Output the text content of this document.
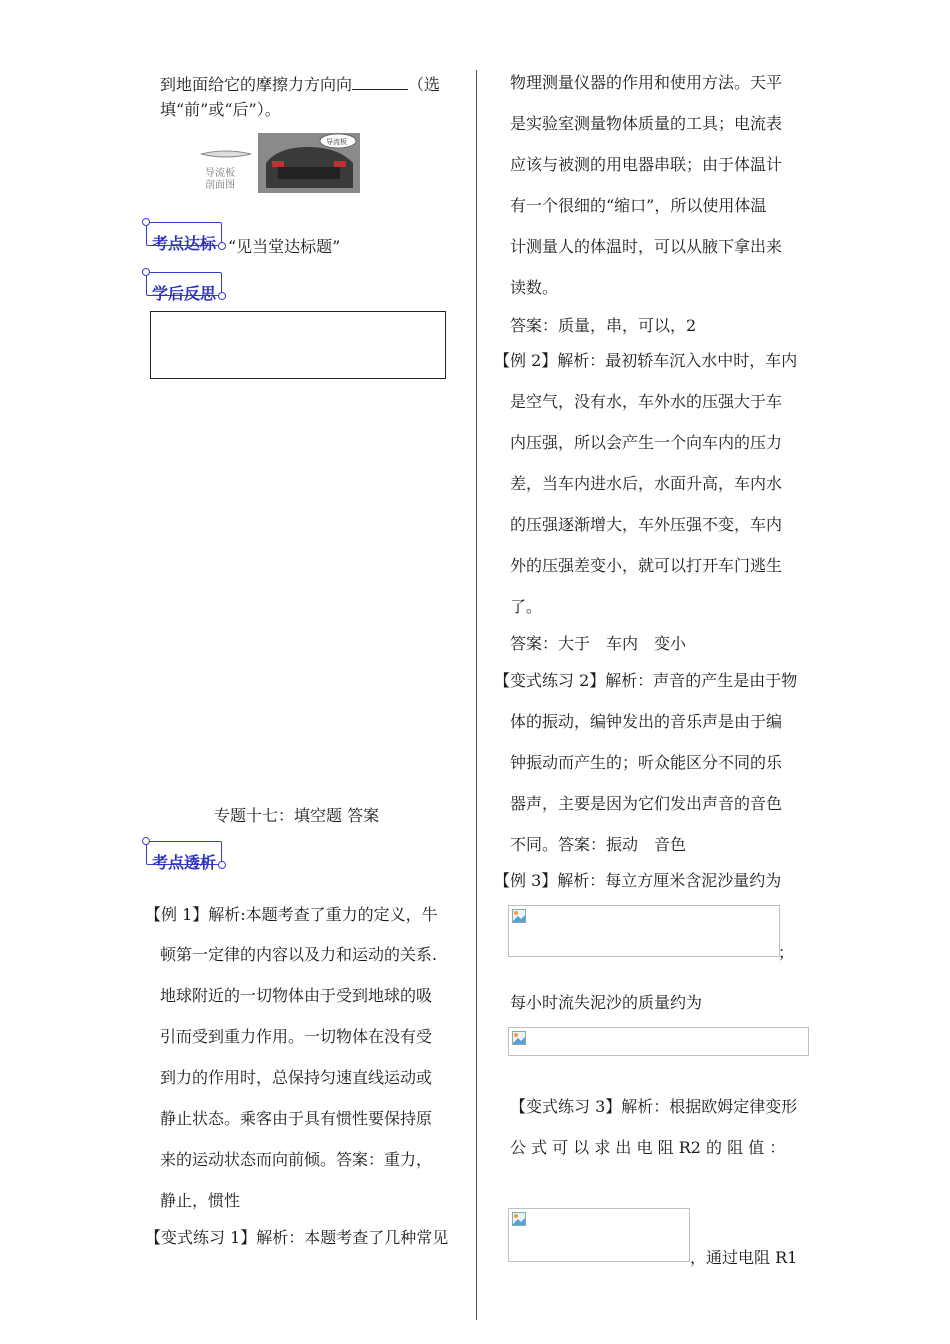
到地面给它的摩擦力方向向	（选
填“前”或“后”）。
导流板
剖面图
导流板
考点达标 “见当堂达标题”
学后反思
专题十七：填空题 答案
考点透析
【例 1】解析:本题考查了重力的定义，牛
顿第一定律的内容以及力和运动的关系.
地球附近的一切物体由于受到地球的吸
引而受到重力作用。一切物体在没有受
到力的作用时，总保持匀速直线运动或
静止状态。乘客由于具有惯性要保持原
来的运动状态而向前倾。答案：重力，
静止，惯性
【变式练习 1】解析：本题考查了几种常见
物理测量仪器的作用和使用方法。天平
是实验室测量物体质量的工具；电流表
应该与被测的用电器串联；由于体温计
有一个很细的“缩口”，所以使用体温
计测量人的体温时，可以从腋下拿出来
读数。
答案：质量，串，可以，2
【例 2】解析：最初轿车沉入水中时，车内
是空气，没有水，车外水的压强大于车
内压强，所以会产生一个向车内的压力
差，当车内进水后，水面升高，车内水
的压强逐渐增大，车外压强不变，车内
外的压强差变小，就可以打开车门逃生
了。
答案：大于　车内　变小
【变式练习 2】解析：声音的产生是由于物
体的振动，编钟发出的音乐声是由于编
钟振动而产生的；听众能区分不同的乐
器声，主要是因为它们发出声音的音色
不同。答案：振动　音色
【例 3】解析：每立方厘米含泥沙量约为
；
每小时流失泥沙的质量约为
【变式练习 3】解析：根据欧姆定律变形
公 式 可 以 求 出 电 阻 R2 的 阻 值 ：
，通过电阻 R1
